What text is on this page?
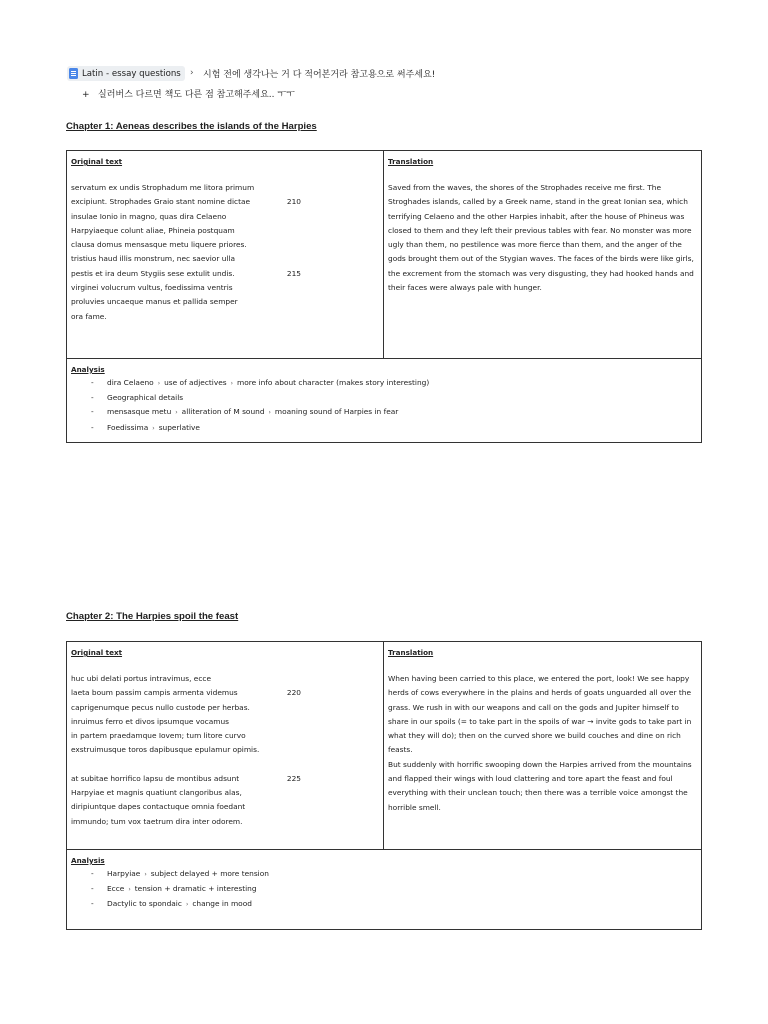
Latin - essay questions › 시험 전에 생각나는 거 다 적어본거라 참고용으로 써주세요!
+ 실러버스 다르면 책도 다른 점 참고해주세요.. ㅜㅜ
Chapter 1: Aeneas describes the islands of the Harpies
Original text
servatum ex undis Strophadum me litora primum
excipiunt. Strophades Graio stant nomine dictae	210
insulae Ionio in magno, quas dira Celaeno
Harpyiaeque colunt aliae, Phineia postquam
clausa domus mensasque metu liquere priores.
tristius haud illis monstrum, nec saevior ulla
pestis et ira deum Stygiis sese extulit undis.	215
virginei volucrum vultus, foedissima ventris
proluvies uncaeque manus et pallida semper
ora fame.

Translation
Saved from the waves, the shores of the Strophades receive me first. The Stroghades islands, called by a Greek name, stand in the great Ionian sea, which terrifying Celaeno and the other Harpies inhabit, after the house of Phineus was closed to them and they left their previous tables with fear. No monster was more ugly than them, no pestilence was more fierce than them, and the anger of the gods brought them out of the Stygian waves. The faces of the birds were like girls, the excrement from the stomach was very disgusting, they had hooked hands and their faces were always pale with hunger.

Analysis
-	dira Celaeno › use of adjectives › more info about character (makes story interesting)
-	Geographical details
-	mensasque metu › alliteration of M sound › moaning sound of Harpies in fear
-	Foedissima › superlative
Chapter 2: The Harpies spoil the feast
Original text
huc ubi delati portus intravimus, ecce
laeta boum passim campis armenta videmus	220
caprigenumque pecus nullo custode per herbas.
inruimus ferro et divos ipsumque vocamus
in partem praedamque Iovem; tum litore curvo
exstruimusque toros dapibusque epulamur opimis.
at subitae horrifico lapsu de montibus adsunt	225
Harpyiae et magnis quatiunt clangoribus alas,
diripiuntque dapes contactuque omnia foedant
immundo; tum vox taetrum dira inter odorem.

Translation
When having been carried to this place, we entered the port, look! We see happy herds of cows everywhere in the plains and herds of goats unguarded all over the grass. We rush in with our weapons and call on the gods and Jupiter himself to share in our spoils (= to take part in the spoils of war → invite gods to take part in what they will do); then on the curved shore we build couches and dine on rich feasts.
But suddenly with horrific swooping down the Harpies arrived from the mountains and flapped their wings with loud clattering and tore apart the feast and foul everything with their unclean touch; then there was a terrible voice amongst the horrible smell.

Analysis
-	Harpyiae › subject delayed + more tension
-	Ecce › tension + dramatic + interesting
-	Dactylic to spondaic › change in mood
